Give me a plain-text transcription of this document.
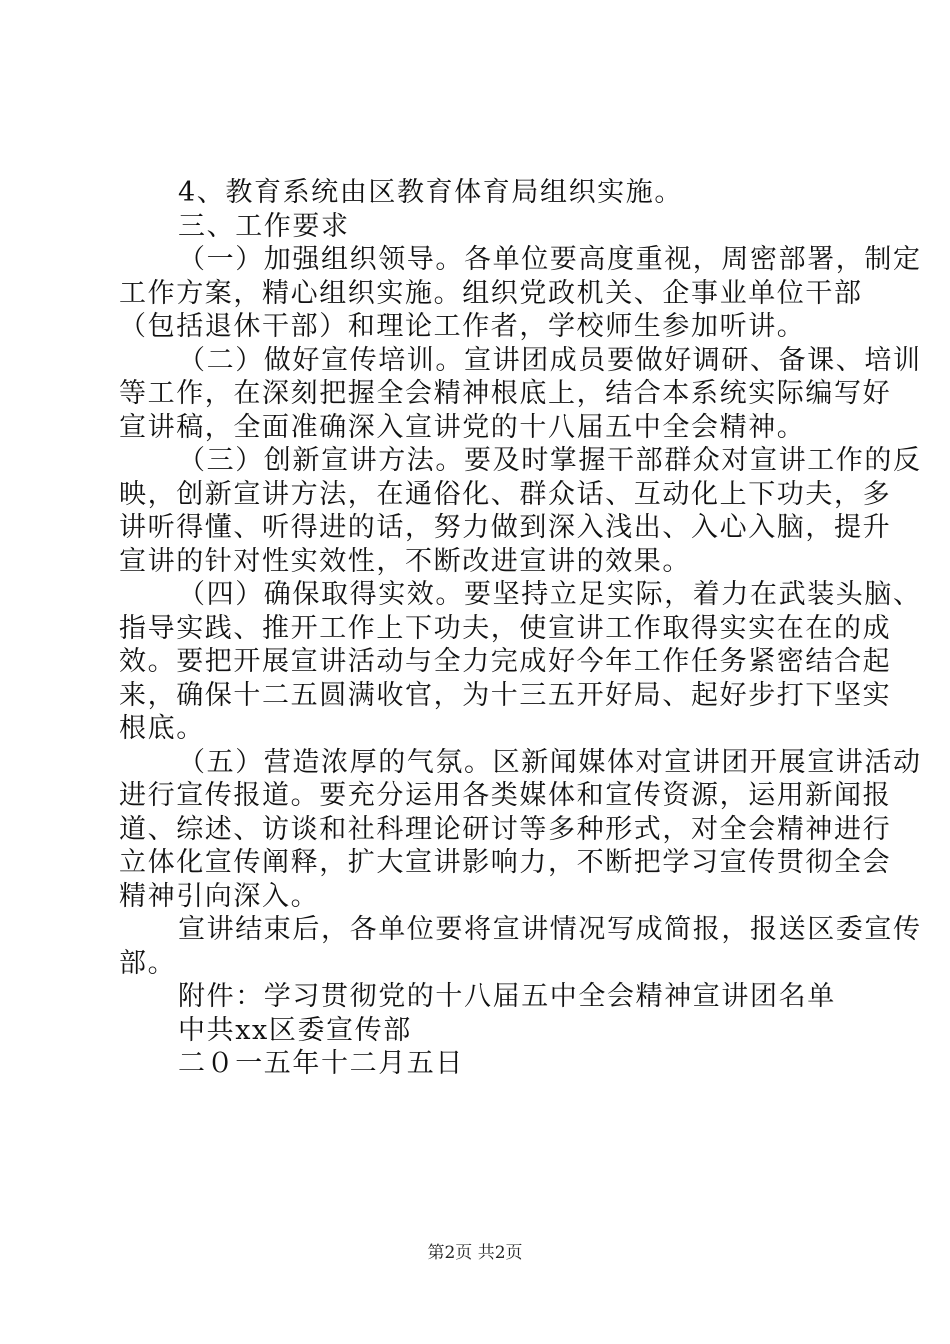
4、教育系统由区教育体育局组织实施。
三、工作要求
（一）加强组织领导。各单位要高度重视，周密部署，制定
工作方案，精心组织实施。组织党政机关、企事业单位干部
（包括退休干部）和理论工作者，学校师生参加听讲。
（二）做好宣传培训。宣讲团成员要做好调研、备课、培训
等工作，在深刻把握全会精神根底上，结合本系统实际编写好
宣讲稿，全面准确深入宣讲党的十八届五中全会精神。
（三）创新宣讲方法。要及时掌握干部群众对宣讲工作的反
映，创新宣讲方法，在通俗化、群众话、互动化上下功夫，多
讲听得懂、听得进的话，努力做到深入浅出、入心入脑，提升
宣讲的针对性实效性，不断改进宣讲的效果。
（四）确保取得实效。要坚持立足实际，着力在武装头脑、
指导实践、推开工作上下功夫，使宣讲工作取得实实在在的成
效。要把开展宣讲活动与全力完成好今年工作任务紧密结合起
来，确保十二五圆满收官，为十三五开好局、起好步打下坚实
根底。
（五）营造浓厚的气氛。区新闻媒体对宣讲团开展宣讲活动
进行宣传报道。要充分运用各类媒体和宣传资源，运用新闻报
道、综述、访谈和社科理论研讨等多种形式，对全会精神进行
立体化宣传阐释，扩大宣讲影响力，不断把学习宣传贯彻全会
精神引向深入。
宣讲结束后，各单位要将宣讲情况写成简报，报送区委宣传
部。
附件：学习贯彻党的十八届五中全会精神宣讲团名单
中共xx区委宣传部
二０一五年十二月五日
第2页 共2页
